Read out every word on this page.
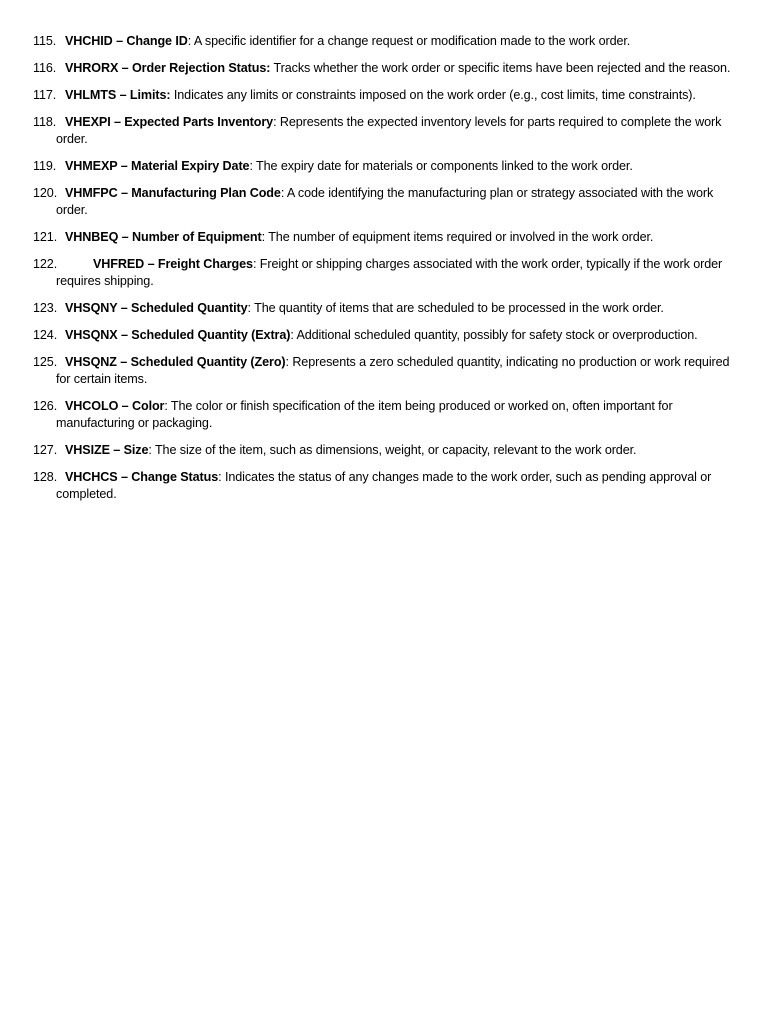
115. VHCHID – Change ID: A specific identifier for a change request or modification made to the work order.
116. VHRORX – Order Rejection Status: Tracks whether the work order or specific items have been rejected and the reason.
117. VHLMTS – Limits: Indicates any limits or constraints imposed on the work order (e.g., cost limits, time constraints).
118. VHEXPI – Expected Parts Inventory: Represents the expected inventory levels for parts required to complete the work order.
119. VHMEXP – Material Expiry Date: The expiry date for materials or components linked to the work order.
120. VHMFPC – Manufacturing Plan Code: A code identifying the manufacturing plan or strategy associated with the work order.
121. VHNBEQ – Number of Equipment: The number of equipment items required or involved in the work order.
122.	VHFRED – Freight Charges: Freight or shipping charges associated with the work order, typically if the work order requires shipping.
123. VHSQNY – Scheduled Quantity: The quantity of items that are scheduled to be processed in the work order.
124. VHSQNX – Scheduled Quantity (Extra): Additional scheduled quantity, possibly for safety stock or overproduction.
125. VHSQNZ – Scheduled Quantity (Zero): Represents a zero scheduled quantity, indicating no production or work required for certain items.
126. VHCOLO – Color: The color or finish specification of the item being produced or worked on, often important for manufacturing or packaging.
127. VHSIZE – Size: The size of the item, such as dimensions, weight, or capacity, relevant to the work order.
128. VHCHCS – Change Status: Indicates the status of any changes made to the work order, such as pending approval or completed.
